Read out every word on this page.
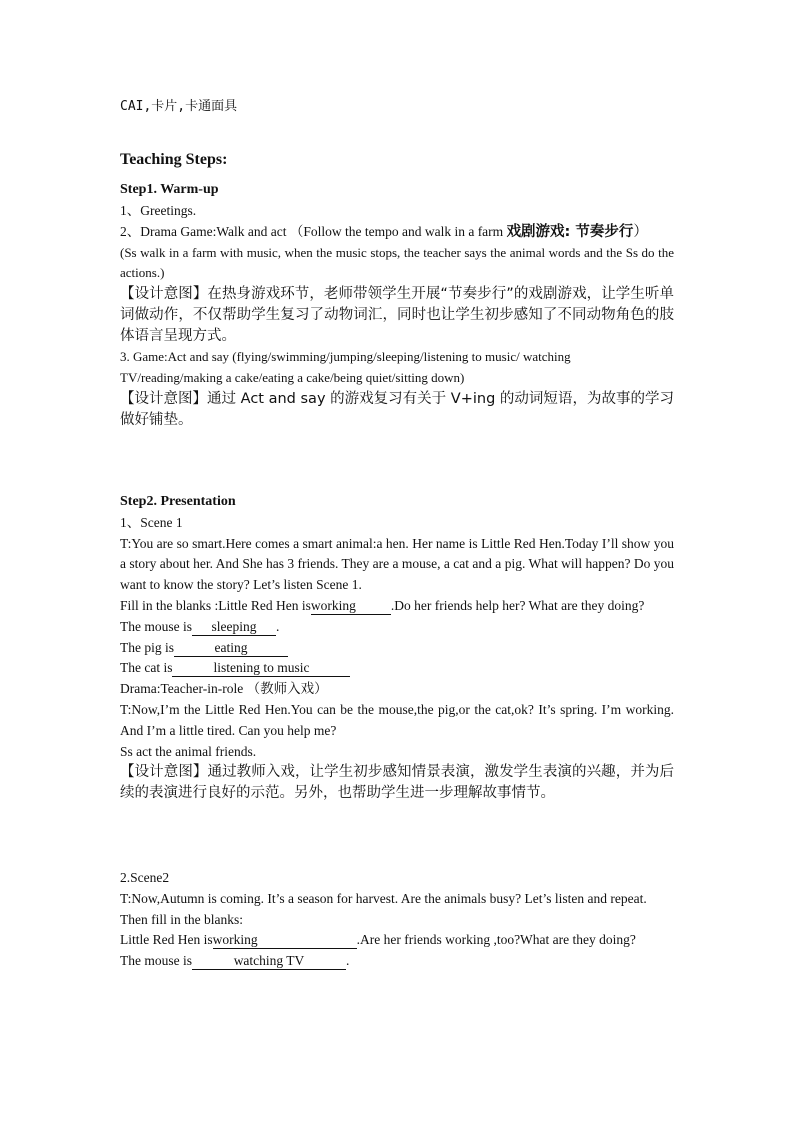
CAI,卡片,卡通面具
Teaching Steps:

Step1. Warm-up

1、Greetings.

2、Drama Game:Walk and act （Follow the tempo and walk in a farm 戏剧游戏: 节奏步行）

(Ss walk in a farm with music, when the music stops, the teacher says the animal words and the Ss do the actions.)

【设计意图】在热身游戏环节，老师带领学生开展“节奏步行”的戏剧游戏，让学生听单词做动作，不仅帮助学生复习了动物词汇，同时也让学生初步感知了不同动物角色的肢体语言呈现方式。

3. Game:Act and say (flying/swimming/jumping/sleeping/listening to music/ watching TV/reading/making a cake/eating a cake/being quiet/sitting down)

【设计意图】通过 Act and say 的游戏复习有关于 V+ing 的动词短语，为故事的学习做好铺垫。

Step2. Presentation

1、Scene 1

T:You are so smart.Here comes a smart animal:a hen. Her name is Little Red Hen.Today I’ll show you a story about her. And She has 3 friends. They are a mouse, a cat and a pig. What will happen? Do you want to know the story? Let’s listen Scene 1.

Fill in the blanks :Little Red Hen isworking	.Do her friends help her? What are they doing?

The mouse is sleeping .

The pig is	eating

The cat is	listening to music

Drama:Teacher-in-role （教师入戏）

T:Now,I’m the Little Red Hen.You can be the mouse,the pig,or the cat,ok? It’s spring. I’m working. And I’m a little tired. Can you help me?

Ss act the animal friends.

【设计意图】通过教师入戏，让学生初步感知情景表演，激发学生表演的兴趣，并为后续的表演进行良好的示范。另外，也帮助学生进一步理解故事情节。

2.Scene2

T:Now,Autumn is coming. It’s a season for harvest. Are the animals busy? Let’s listen and repeat.

Then fill in the blanks:

Little Red Hen isworking	.Are her friends working ,too?What are they doing?

The mouse is	watching TV	.
